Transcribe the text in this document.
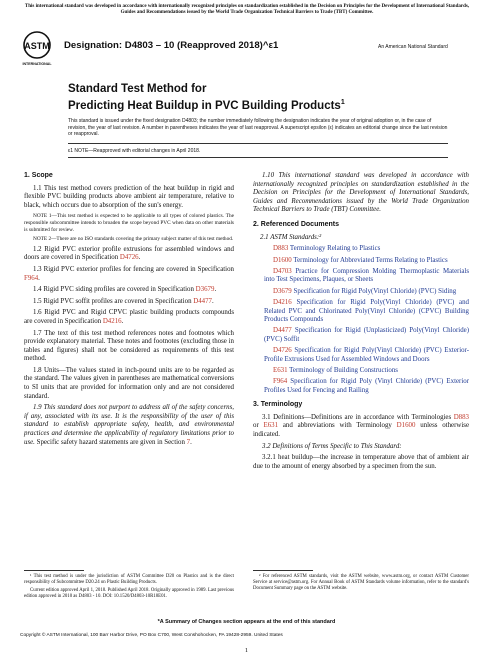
This international standard was developed in accordance with internationally recognized principles on standardization established in the Decision on Principles for the Development of International Standards, Guides and Recommendations issued by the World Trade Organization Technical Barriers to Trade (TBT) Committee.
ASTM
INTERNATIONAL
Designation: D4803 – 10 (Reapproved 2018)^ε1	An American National Standard
Standard Test Method for
Predicting Heat Buildup in PVC Building Products$^1$
This standard is issued under the fixed designation D4803; the number immediately following the designation indicates the year of original adoption or, in the case of revision, the year of last revision. A number in parentheses indicates the year of last reapproval. A superscript epsilon (ε) indicates an editorial change since the last revision or reapproval.
ε1 NOTE—Reapproved with editorial changes in April 2018.
1. Scope

1.1 This test method covers prediction of the heat buildup in rigid and flexible PVC building products above ambient air temperature, relative to black, which occurs due to absorption of the sun's energy.

NOTE 1—This test method is expected to be applicable to all types of colored plastics. The responsible subcommittee intends to broaden the scope beyond PVC when data on other materials is submitted for review.

NOTE 2—There are no ISO standards covering the primary subject matter of this test method.

1.2 Rigid PVC exterior profile extrusions for assembled windows and doors are covered in Specification D4726.

1.3 Rigid PVC exterior profiles for fencing are covered in Specification F964.

1.4 Rigid PVC siding profiles are covered in Specification D3679.

1.5 Rigid PVC soffit profiles are covered in Specification D4477.

1.6 Rigid PVC and Rigid CPVC plastic building products compounds are covered in Specification D4216.

1.7 The text of this test method references notes and footnotes which provide explanatory material. These notes and footnotes (excluding those in tables and figures) shall not be considered as requirements of this test method.

1.8 Units—The values stated in inch-pound units are to be regarded as the standard. The values given in parentheses are mathematical conversions to SI units that are provided for information only and are not considered standard.

1.9 This standard does not purport to address all of the safety concerns, if any, associated with its use. It is the responsibility of the user of this standard to establish appropriate safety, health, and environmental practices and determine the applicability of regulatory limitations prior to use. Specific safety hazard statements are given in Section 7.

¹ This test method is under the jurisdiction of ASTM Committee D20 on Plastics and is the direct responsibility of Subcommittee D20.24 on Plastic Building Products.

Current edition approved April 1, 2018. Published April 2018. Originally approved in 1989. Last previous edition approved in 2010 as D4803 - 10. DOI: 10.1520/D4803-10R18E01.

1.10 This international standard was developed in accordance with internationally recognized principles on standardization established in the Decision on Principles for the Development of International Standards, Guides and Recommendations issued by the World Trade Organization Technical Barriers to Trade (TBT) Committee.

2. Referenced Documents

2.1 ASTM Standards:²

D883 Terminology Relating to Plastics

D1600 Terminology for Abbreviated Terms Relating to Plastics

D4703 Practice for Compression Molding Thermoplastic Materials into Test Specimens, Plaques, or Sheets

D3679 Specification for Rigid Poly(Vinyl Chloride) (PVC) Siding

D4216 Specification for Rigid Poly(Vinyl Chloride) (PVC) and Related PVC and Chlorinated Poly(Vinyl Chloride) (CPVC) Building Products Compounds

D4477 Specification for Rigid (Unplasticized) Poly(Vinyl Chloride) (PVC) Soffit

D4726 Specification for Rigid Poly(Vinyl Chloride) (PVC) Exterior-Profile Extrusions Used for Assembled Windows and Doors

E631 Terminology of Building Constructions

F964 Specification for Rigid Poly (Vinyl Chloride) (PVC) Exterior Profiles Used for Fencing and Railing

3. Terminology

3.1 Definitions—Definitions are in accordance with Terminologies D883 or E631 and abbreviations with Terminology D1600 unless otherwise indicated.

3.2 Definitions of Terms Specific to This Standard:

3.2.1 heat buildup—the increase in temperature above that of ambient air due to the amount of energy absorbed by a specimen from the sun.

² For referenced ASTM standards, visit the ASTM website, www.astm.org, or contact ASTM Customer Service at service@astm.org. For Annual Book of ASTM Standards volume information, refer to the standard's Document Summary page on the ASTM website.

*A Summary of Changes section appears at the end of this standard
Copyright © ASTM International, 100 Barr Harbor Drive, PO Box C700, West Conshohocken, PA 19428-2959. United States
1
